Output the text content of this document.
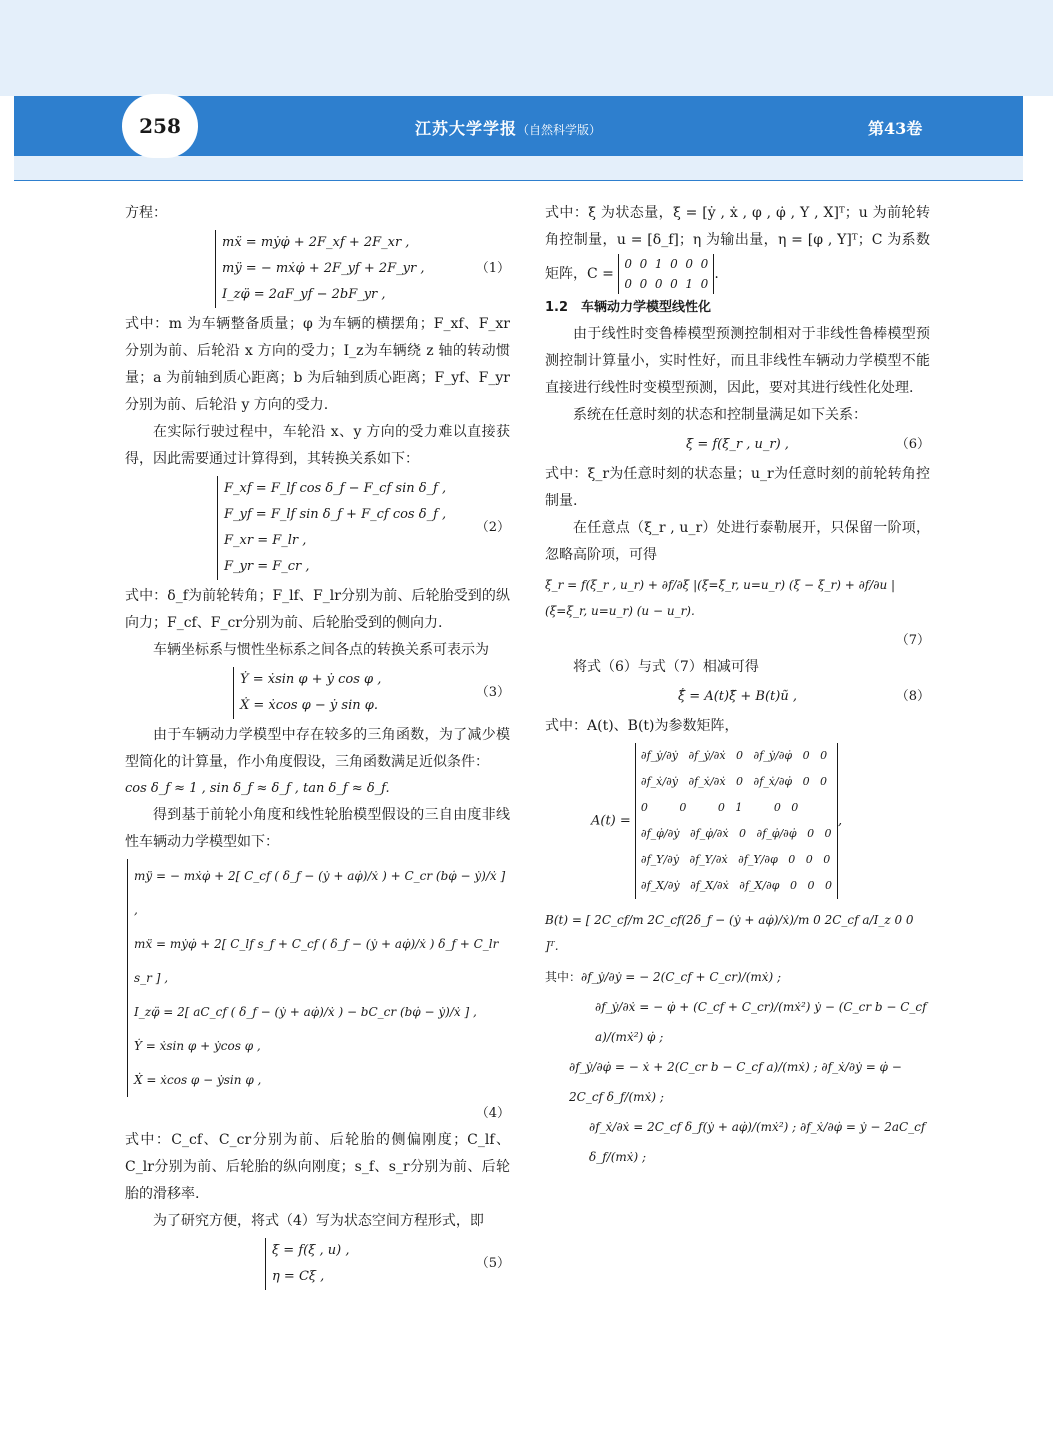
258	江苏大学学报（自然科学版）	第43卷

方程：

mẍ = mẏφ̇ + 2F_xf + 2F_xr ,
mÿ = − mẋφ̇ + 2F_yf + 2F_yr ,
I_zφ̈ = 2aF_yf − 2bF_yr ,
（1）

式中：m 为车辆整备质量；φ 为车辆的横摆角；F_xf、F_xr分别为前、后轮沿 x 方向的受力；I_z为车辆绕 z 轴的转动惯量；a 为前轴到质心距离；b 为后轴到质心距离；F_yf、F_yr分别为前、后轮沿 y 方向的受力.

在实际行驶过程中，车轮沿 x、y 方向的受力难以直接获得，因此需要通过计算得到，其转换关系如下：

F_xf = F_lf cos δ_f − F_cf sin δ_f ,
F_yf = F_lf sin δ_f + F_cf cos δ_f ,
F_xr = F_lr ,
F_yr = F_cr ,
（2）

式中：δ_f为前轮转角；F_lf、F_lr分别为前、后轮胎受到的纵向力；F_cf、F_cr分别为前、后轮胎受到的侧向力.

车辆坐标系与惯性坐标系之间各点的转换关系可表示为

Ẏ = ẋsin φ + ẏ cos φ ,
Ẋ = ẋcos φ − ẏ sin φ.
（3）

由于车辆动力学模型中存在较多的三角函数，为了减少模型简化的计算量，作小角度假设，三角函数满足近似条件：

cos δ_f ≈ 1 , sin δ_f ≈ δ_f , tan δ_f ≈ δ_f.

得到基于前轮小角度和线性轮胎模型假设的三自由度非线性车辆动力学模型如下：

mÿ = − mẋφ̇ + 2[ C_cf ( δ_f − (ẏ + aφ̇)/ẋ ) + C_cr (bφ̇ − ẏ)/ẋ ] ,
mẍ = mẏφ̇ + 2[ C_lf s_f + C_cf ( δ_f − (ẏ + aφ̇)/ẋ ) δ_f + C_lr s_r ] ,
I_zφ̈ = 2[ aC_cf ( δ_f − (ẏ + aφ̇)/ẋ ) − bC_cr (bφ̇ − ẏ)/ẋ ] ,
Ẏ = ẋsin φ + ẏcos φ ,
Ẋ = ẋcos φ − ẏsin φ ,

（4）

式中：C_cf、C_cr分别为前、后轮胎的侧偏刚度；C_lf、C_lr分别为前、后轮胎的纵向刚度；s_f、s_r分别为前、后轮胎的滑移率.

为了研究方便，将式（4）写为状态空间方程形式，即

ξ̇ = f(ξ , u) ,
η = Cξ ,
（5）

式中：ξ 为状态量，ξ = [ẏ , ẋ , φ , φ̇ , Y , X]ᵀ；u 为前轮转角控制量，u = [δ_f]；η 为输出量，η = [φ , Y]ᵀ；C 为系数矩阵，C =
0  0  1  0  0  0
0  0  0  0  1  0
.

1.2　车辆动力学模型线性化

由于线性时变鲁棒模型预测控制相对于非线性鲁棒模型预测控制计算量小，实时性好，而且非线性车辆动力学模型不能直接进行线性时变模型预测，因此，要对其进行线性化处理.

系统在任意时刻的状态和控制量满足如下关系：

ξ̇ = f(ξ_r , u_r) ,	（6）

式中：ξ_r为任意时刻的状态量；u_r为任意时刻的前轮转角控制量.

在任意点（ξ_r , u_r）处进行泰勒展开，只保留一阶项，忽略高阶项，可得

ξ̇_r = f(ξ_r , u_r) + ∂f/∂ξ |(ξ=ξ_r, u=u_r) (ξ − ξ_r) + ∂f/∂u |(ξ=ξ_r, u=u_r) (u − u_r).

（7）

将式（6）与式（7）相减可得

ξ̃̇ = A(t)ξ̃ + B(t)ũ ,	（8）

式中：A(t)、B(t)为参数矩阵，

A(t) =
∂f_ẏ/∂ẏ   ∂f_ẏ/∂ẋ   0   ∂f_ẏ/∂φ̇   0   0
∂f_ẋ/∂ẏ   ∂f_ẋ/∂ẋ   0   ∂f_ẋ/∂φ̇   0   0
0         0         0   1         0   0
∂f_φ̇/∂ẏ   ∂f_φ̇/∂ẋ   0   ∂f_φ̇/∂φ̇   0   0
∂f_Y/∂ẏ   ∂f_Y/∂ẋ   ∂f_Y/∂φ   0   0   0
∂f_X/∂ẏ   ∂f_X/∂ẋ   ∂f_X/∂φ   0   0   0
,
B(t) = [ 2C_cf/m 2C_cf(2δ_f − (ẏ + aφ̇)/ẋ)/m 0 2C_cf a/I_z 0 0 ]ᵀ.
其中：∂f_ẏ/∂ẏ = − 2(C_cf + C_cr)/(mẋ) ;
∂f_ẏ/∂ẋ = − φ̇ + (C_cf + C_cr)/(mẋ²) ẏ − (C_cr b − C_cf a)/(mẋ²) φ̇ ;
∂f_ẏ/∂φ̇ = − ẋ + 2(C_cr b − C_cf a)/(mẋ) ; ∂f_ẋ/∂ẏ = φ̇ − 2C_cf δ_f/(mẋ) ;
∂f_ẋ/∂ẋ = 2C_cf δ_f(ẏ + aφ̇)/(mẋ²) ; ∂f_ẋ/∂φ̇ = ẏ − 2aC_cf δ_f/(mẋ) ;
